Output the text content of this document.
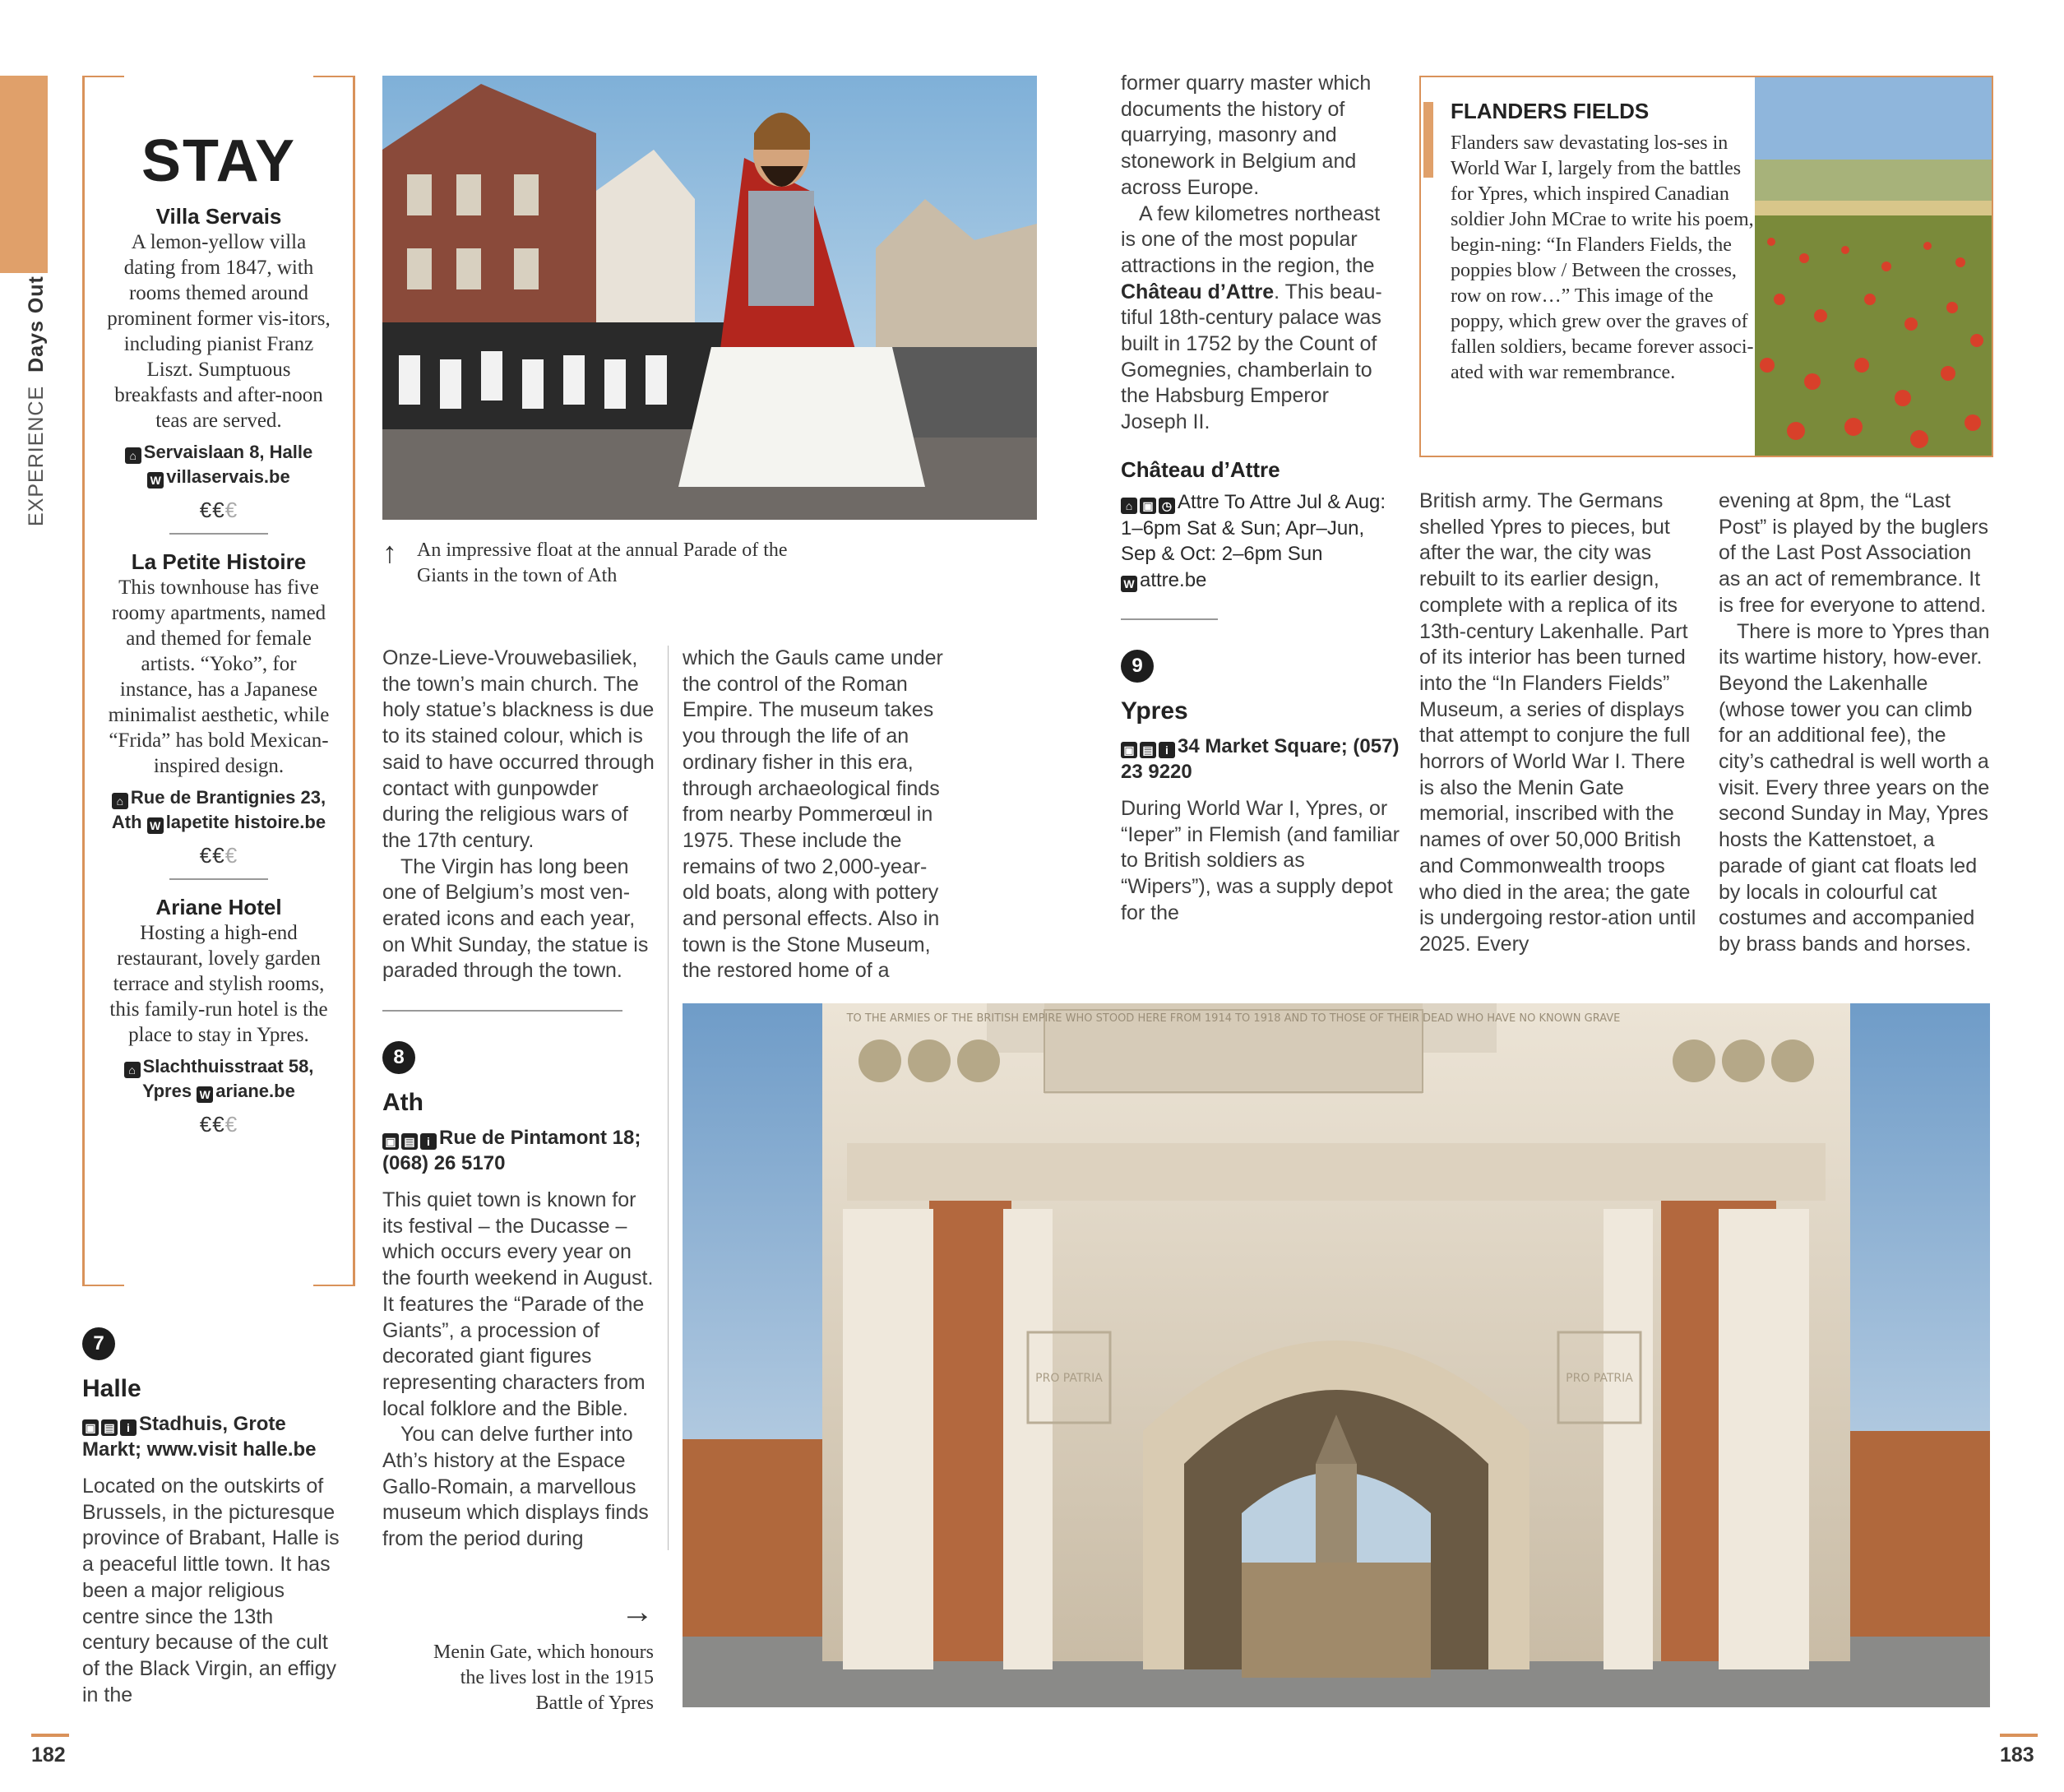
EXPERIENCE Days Out
STAY
Villa Servais
A lemon-yellow villa dating from 1847, with rooms themed around prominent former vis-itors, including pianist Franz Liszt. Sumptuous breakfasts and after-noon teas are served.
⌂ Servaislaan 8, Halle
W villaservais.be
€€€
La Petite Histoire
This townhouse has five roomy apartments, named and themed for female artists. “Yoko”, for instance, has a Japanese minimalist aesthetic, while “Frida” has bold Mexican-inspired design.
⌂ Rue de Brantignies 23, Ath W lapetite histoire.be
€€€
Ariane Hotel
Hosting a high-end restaurant, lovely garden terrace and stylish rooms, this family-run hotel is the place to stay in Ypres.
⌂ Slachthuisstraat 58, Ypres W ariane.be
€€€
7
Halle
▣ ▤ i Stadhuis, Grote Markt; www.visit halle.be
Located on the outskirts of Brussels, in the picturesque province of Brabant, Halle is a peaceful little town. It has been a major religious centre since the 13th century because of the cult of the Black Virgin, an effigy in the
↑ An impressive float at the annual Parade of the Giants in the town of Ath

Onze-Lieve-Vrouwebasiliek, the town’s main church. The holy statue’s blackness is due to its stained colour, which is said to have occurred through contact with gunpowder during the religious wars of the 17th century.

The Virgin has long been one of Belgium’s most ven-erated icons and each year, on Whit Sunday, the statue is paraded through the town.

8
Ath
▣ ▤ i Rue de Pintamont 18; (068) 26 5170

This quiet town is known for its festival – the Ducasse – which occurs every year on the fourth weekend in August. It features the “Parade of the Giants”, a procession of decorated giant figures representing characters from local folklore and the Bible.

You can delve further into Ath’s history at the Espace Gallo-Romain, a marvellous museum which displays finds from the period during

→
Menin Gate, which honours the lives lost in the 1915 Battle of Ypres

which the Gauls came under the control of the Roman Empire. The museum takes you through the life of an ordinary fisher in this era, through archaeological finds from nearby Pommerœul in 1975. These include the remains of two 2,000-year-old boats, along with pottery and personal effects. Also in town is the Stone Museum, the restored home of a

former quarry master which documents the history of quarrying, masonry and stonework in Belgium and across Europe.

A few kilometres northeast is one of the most popular attractions in the region, the Château d’Attre. This beau-tiful 18th-century palace was built in 1752 by the Count of Gomegnies, chamberlain to the Habsburg Emperor Joseph II.

Château d’Attre
⌂ ▣ ◷ Attre To Attre Jul & Aug: 1–6pm Sat & Sun; Apr–Jun, Sep & Oct: 2–6pm Sun
W attre.be
9
Ypres
▣ ▤ i 34 Market Square; (057) 23 9220
During World War I, Ypres, or “Ieper” in Flemish (and familiar to British soldiers as “Wipers”), was a supply depot for the
FLANDERS FIELDS
Flanders saw devastating los-ses in World War I, largely from the battles for Ypres, which inspired Canadian soldier John MCrae to write his poem, begin-ning: “In Flanders Fields, the poppies blow / Between the crosses, row on row…” This image of the poppy, which grew over the graves of fallen soldiers, became forever associ-ated with war remembrance.

British army. The Germans shelled Ypres to pieces, but after the war, the city was rebuilt to its earlier design, complete with a replica of its 13th-century Lakenhalle. Part of its interior has been turned into the “In Flanders Fields” Museum, a series of displays that attempt to conjure the full horrors of World War I. There is also the Menin Gate memorial, inscribed with the names of over 50,000 British and Commonwealth troops who died in the area; the gate is undergoing restor-ation until 2025. Every

evening at 8pm, the “Last Post” is played by the buglers of the Last Post Association as an act of remembrance. It is free for everyone to attend.

There is more to Ypres than its wartime history, how-ever. Beyond the Lakenhalle (whose tower you can climb for an additional fee), the city’s cathedral is well worth a visit. Every three years on the second Sunday in May, Ypres hosts the Kattenstoet, a parade of giant cat floats led by locals in colourful cat costumes and accompanied by brass bands and horses.

TO THE ARMIES OF THE BRITISH EMPIRE WHO STOOD HERE FROM 1914 TO 1918 AND TO THOSE OF THEIR DEAD WHO HAVE NO KNOWN GRAVE
PRO PATRIA	PRO PATRIA
182	183
